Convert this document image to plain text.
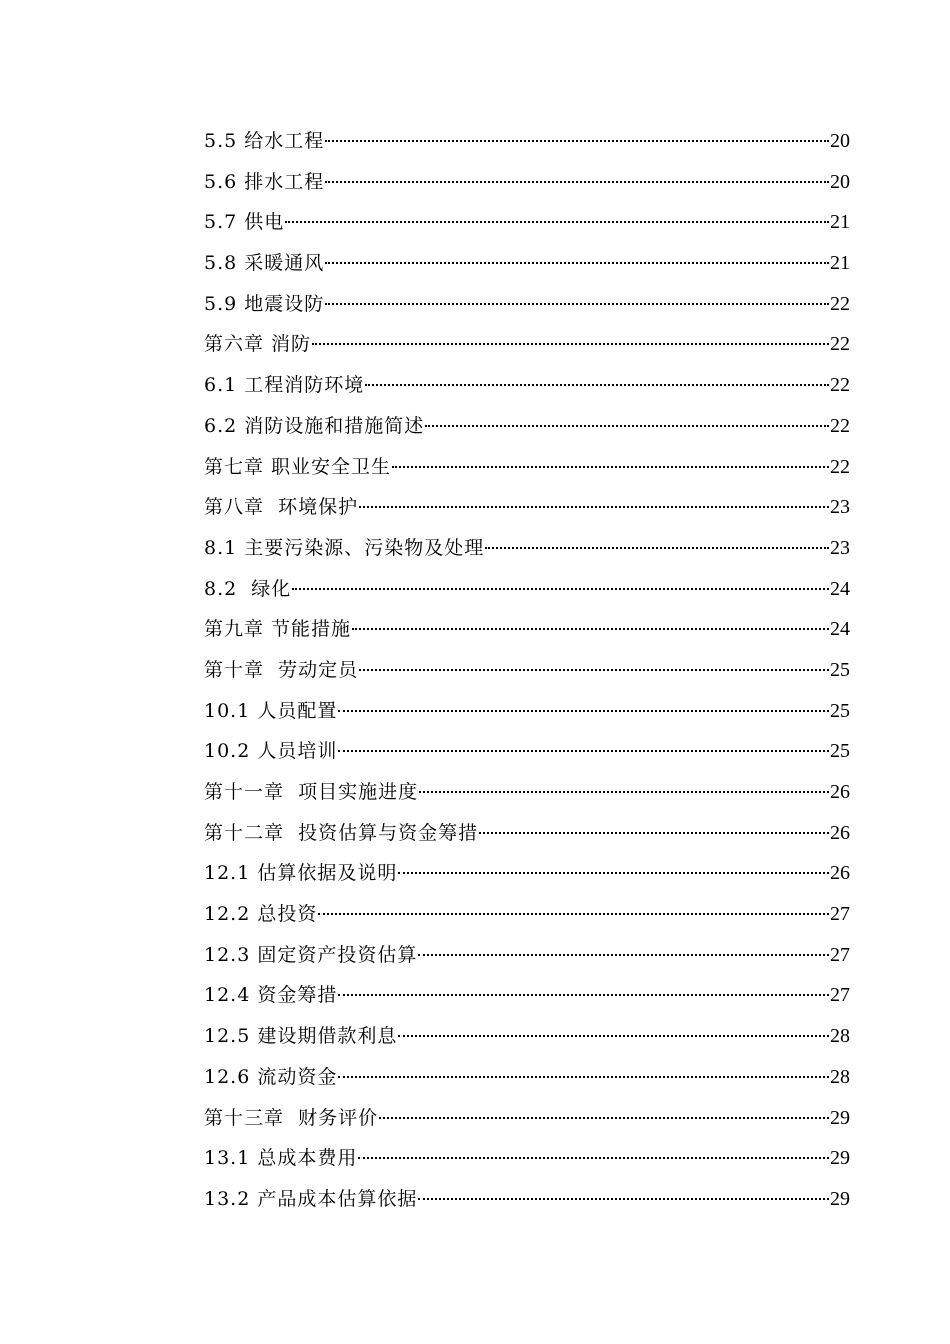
5.5 给水工程	20
5.6 排水工程	20
5.7 供电	21
5.8 采暖通风	21
5.9 地震设防	22
第六章 消防	22
6.1 工程消防环境	22
6.2 消防设施和措施简述	22
第七章 职业安全卫生	22
第八章  环境保护	23
8.1 主要污染源、污染物及处理	23
8.2  绿化	24
第九章 节能措施	24
第十章  劳动定员	25
10.1 人员配置	25
10.2 人员培训	25
第十一章  项目实施进度	26
第十二章  投资估算与资金筹措	26
12.1 估算依据及说明	26
12.2 总投资	27
12.3 固定资产投资估算	27
12.4 资金筹措	27
12.5 建设期借款利息	28
12.6 流动资金	28
第十三章  财务评价	29
13.1 总成本费用	29
13.2 产品成本估算依据	29
